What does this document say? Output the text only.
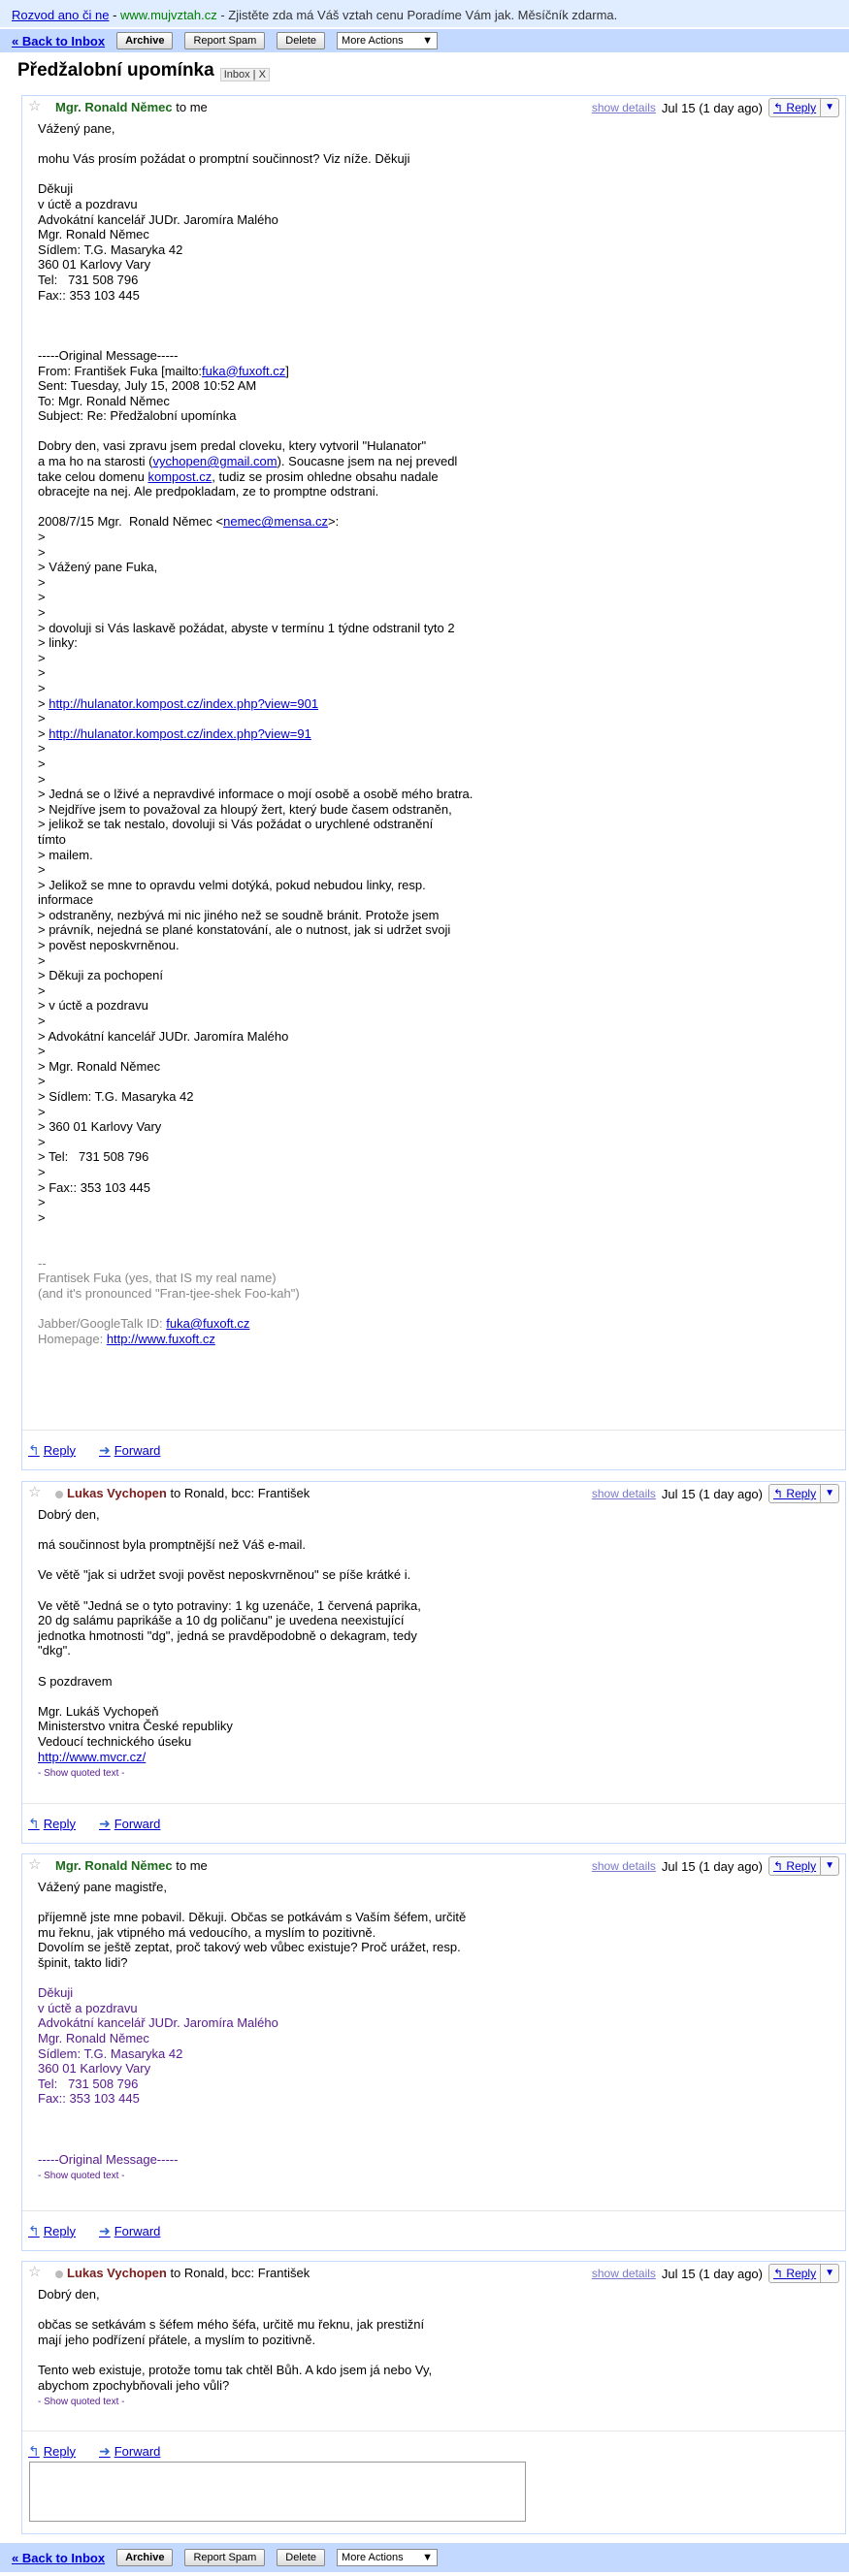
Rozvod ano či ne - www.mujvztah.cz - Zjistěte zda má Váš vztah cenu Poradíme Vám jak. Měsíčník zdarma.
« Back to Inbox	Archive	Report Spam	Delete	More Actions ▼
Předžalobní upomínka Inbox | X
☆ Mgr. Ronald Němec to me	show details Jul 15 (1 day ago) ↰ Reply ▼

Vážený pane,

mohu Vás prosím požádat o promptní součinnost? Viz níže. Děkuji

Děkuji
v úctě a pozdravu
Advokátní kancelář JUDr. Jaromíra Malého
Mgr. Ronald Němec
Sídlem: T.G. Masaryka 42
360 01 Karlovy Vary
Tel:   731 508 796
Fax:: 353 103 445

-----Original Message-----
From: František Fuka [mailto:fuka@fuxoft.cz]
Sent: Tuesday, July 15, 2008 10:52 AM
To: Mgr. Ronald Němec

Subject: Re: Předžalobní upomínka

Dobry den, vasi zpravu jsem predal cloveku, ktery vytvoril "Hulanator"
a ma ho na starosti (vychopen@gmail.com). Soucasne jsem na nej prevedl
take celou domenu kompost.cz, tudiz se prosim ohledne obsahu nadale

obracejte na nej. Ale predpokladam, ze to promptne odstrani.

2008/7/15 Mgr.  Ronald Němec <nemec@mensa.cz>:
>
>
> Vážený pane Fuka,
>
>
>
> dovoluji si Vás laskavě požádat, abyste v termínu 1 týdne odstranil tyto 2
> linky:
>
>
>
> http://hulanator.kompost.cz/index.php?view=901
>
> http://hulanator.kompost.cz/index.php?view=91
>
>
>
> Jedná se o lživé a nepravdivé informace o mojí osobě a osobě mého bratra.
> Nejdříve jsem to považoval za hloupý žert, který bude časem odstraněn,
> jelikož se tak nestalo, dovoluji si Vás požádat o urychlené odstranění
tímto
> mailem.
>
> Jelikož se mne to opravdu velmi dotýká, pokud nebudou linky, resp.
informace
> odstraněny, nezbývá mi nic jiného než se soudně bránit. Protože jsem
> právník, nejedná se plané konstatování, ale o nutnost, jak si udržet svoji
> pověst neposkvrněnou.
>
> Děkuji za pochopení
>
> v úctě a pozdravu
>
> Advokátní kancelář JUDr. Jaromíra Malého
>
> Mgr. Ronald Němec
>
> Sídlem: T.G. Masaryka 42
>
> 360 01 Karlovy Vary
>
> Tel:   731 508 796
>
> Fax:: 353 103 445
>
>

--
Frantisek Fuka (yes, that IS my real name)

(and it's pronounced "Fran-tjee-shek Foo-kah")

Jabber/GoogleTalk ID: fuka@fuxoft.cz
Homepage: http://www.fuxoft.cz
↰ Reply ➜ Forward
☆	Lukas Vychopen to Ronald, bcc: František	show details Jul 15 (1 day ago) ↰ Reply ▼

Dobrý den,

má součinnost byla promptnější než Váš e-mail.

Ve větě "jak si udržet svoji pověst neposkvrněnou" se píše krátké i.

Ve větě "Jedná se o tyto potraviny: 1 kg uzenáče, 1 červená paprika,
20 dg salámu paprikáše a 10 dg poličanu" je uvedena neexistující
jednotka hmotnosti "dg", jedná se pravděpodobně o dekagram, tedy
"dkg".

S pozdravem

Mgr. Lukáš Vychopeň
Ministerstvo vnitra České republiky
Vedoucí technického úseku
http://www.mvcr.cz/
- Show quoted text -
↰ Reply ➜ Forward
☆ Mgr. Ronald Němec to me	show details Jul 15 (1 day ago) ↰ Reply ▼

Vážený pane magistře,

příjemně jste mne pobavil. Děkuji. Občas se potkávám s Vaším šéfem, určitě
mu řeknu, jak vtipného má vedoucího, a myslím to pozitivně.
Dovolím se ještě zeptat, proč takový web vůbec existuje? Proč urážet, resp.
špinit, takto lidi?

Děkuji
v úctě a pozdravu
Advokátní kancelář JUDr. Jaromíra Malého
Mgr. Ronald Němec
Sídlem: T.G. Masaryka 42
360 01 Karlovy Vary
Tel:   731 508 796
Fax:: 353 103 445

-----Original Message-----
- Show quoted text -
↰ Reply ➜ Forward
☆	Lukas Vychopen to Ronald, bcc: František	show details Jul 15 (1 day ago) ↰ Reply ▼

Dobrý den,

občas se setkávám s šéfem mého šéfa, určitě mu řeknu, jak prestižní
mají jeho podřízení přátele, a myslím to pozitivně.

Tento web existuje, protože tomu tak chtěl Bůh. A kdo jsem já nebo Vy,
abychom zpochybňovali jeho vůli?
- Show quoted text -
↰ Reply ➜ Forward
« Back to Inbox	Archive	Report Spam	Delete	More Actions ▼
